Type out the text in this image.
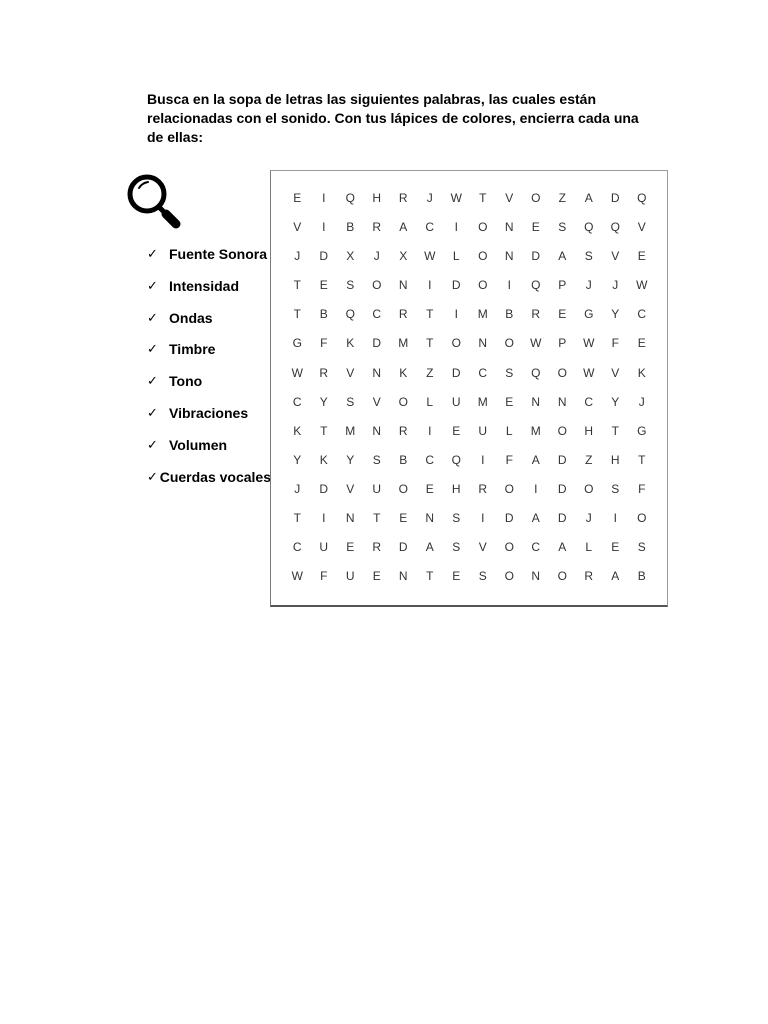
Busca en la sopa de letras las siguientes palabras, las cuales están relacionadas con el sonido. Con tus lápices de colores, encierra cada una de ellas:

✓ Fuente Sonora
✓ Intensidad
✓ Ondas
✓ Timbre
✓ Tono
✓ Vibraciones
✓ Volumen
✓ Cuerdas vocales
E	I	Q	H	R	J	W	T	V	O	Z	A	D	Q
V	I	B	R	A	C	I	O	N	E	S	Q	Q	V
J	D	X	J	X	W	L	O	N	D	A	S	V	E
T	E	S	O	N	I	D	O	I	Q	P	J	J	W
T	B	Q	C	R	T	I	M	B	R	E	G	Y	C
G	F	K	D	M	T	O	N	O	W	P	W	F	E
W	R	V	N	K	Z	D	C	S	Q	O	W	V	K
C	Y	S	V	O	L	U	M	E	N	N	C	Y	J
K	T	M	N	R	I	E	U	L	M	O	H	T	G
Y	K	Y	S	B	C	Q	I	F	A	D	Z	H	T
J	D	V	U	O	E	H	R	O	I	D	O	S	F
T	I	N	T	E	N	S	I	D	A	D	J	I	O
C	U	E	R	D	A	S	V	O	C	A	L	E	S
W	F	U	E	N	T	E	S	O	N	O	R	A	B
